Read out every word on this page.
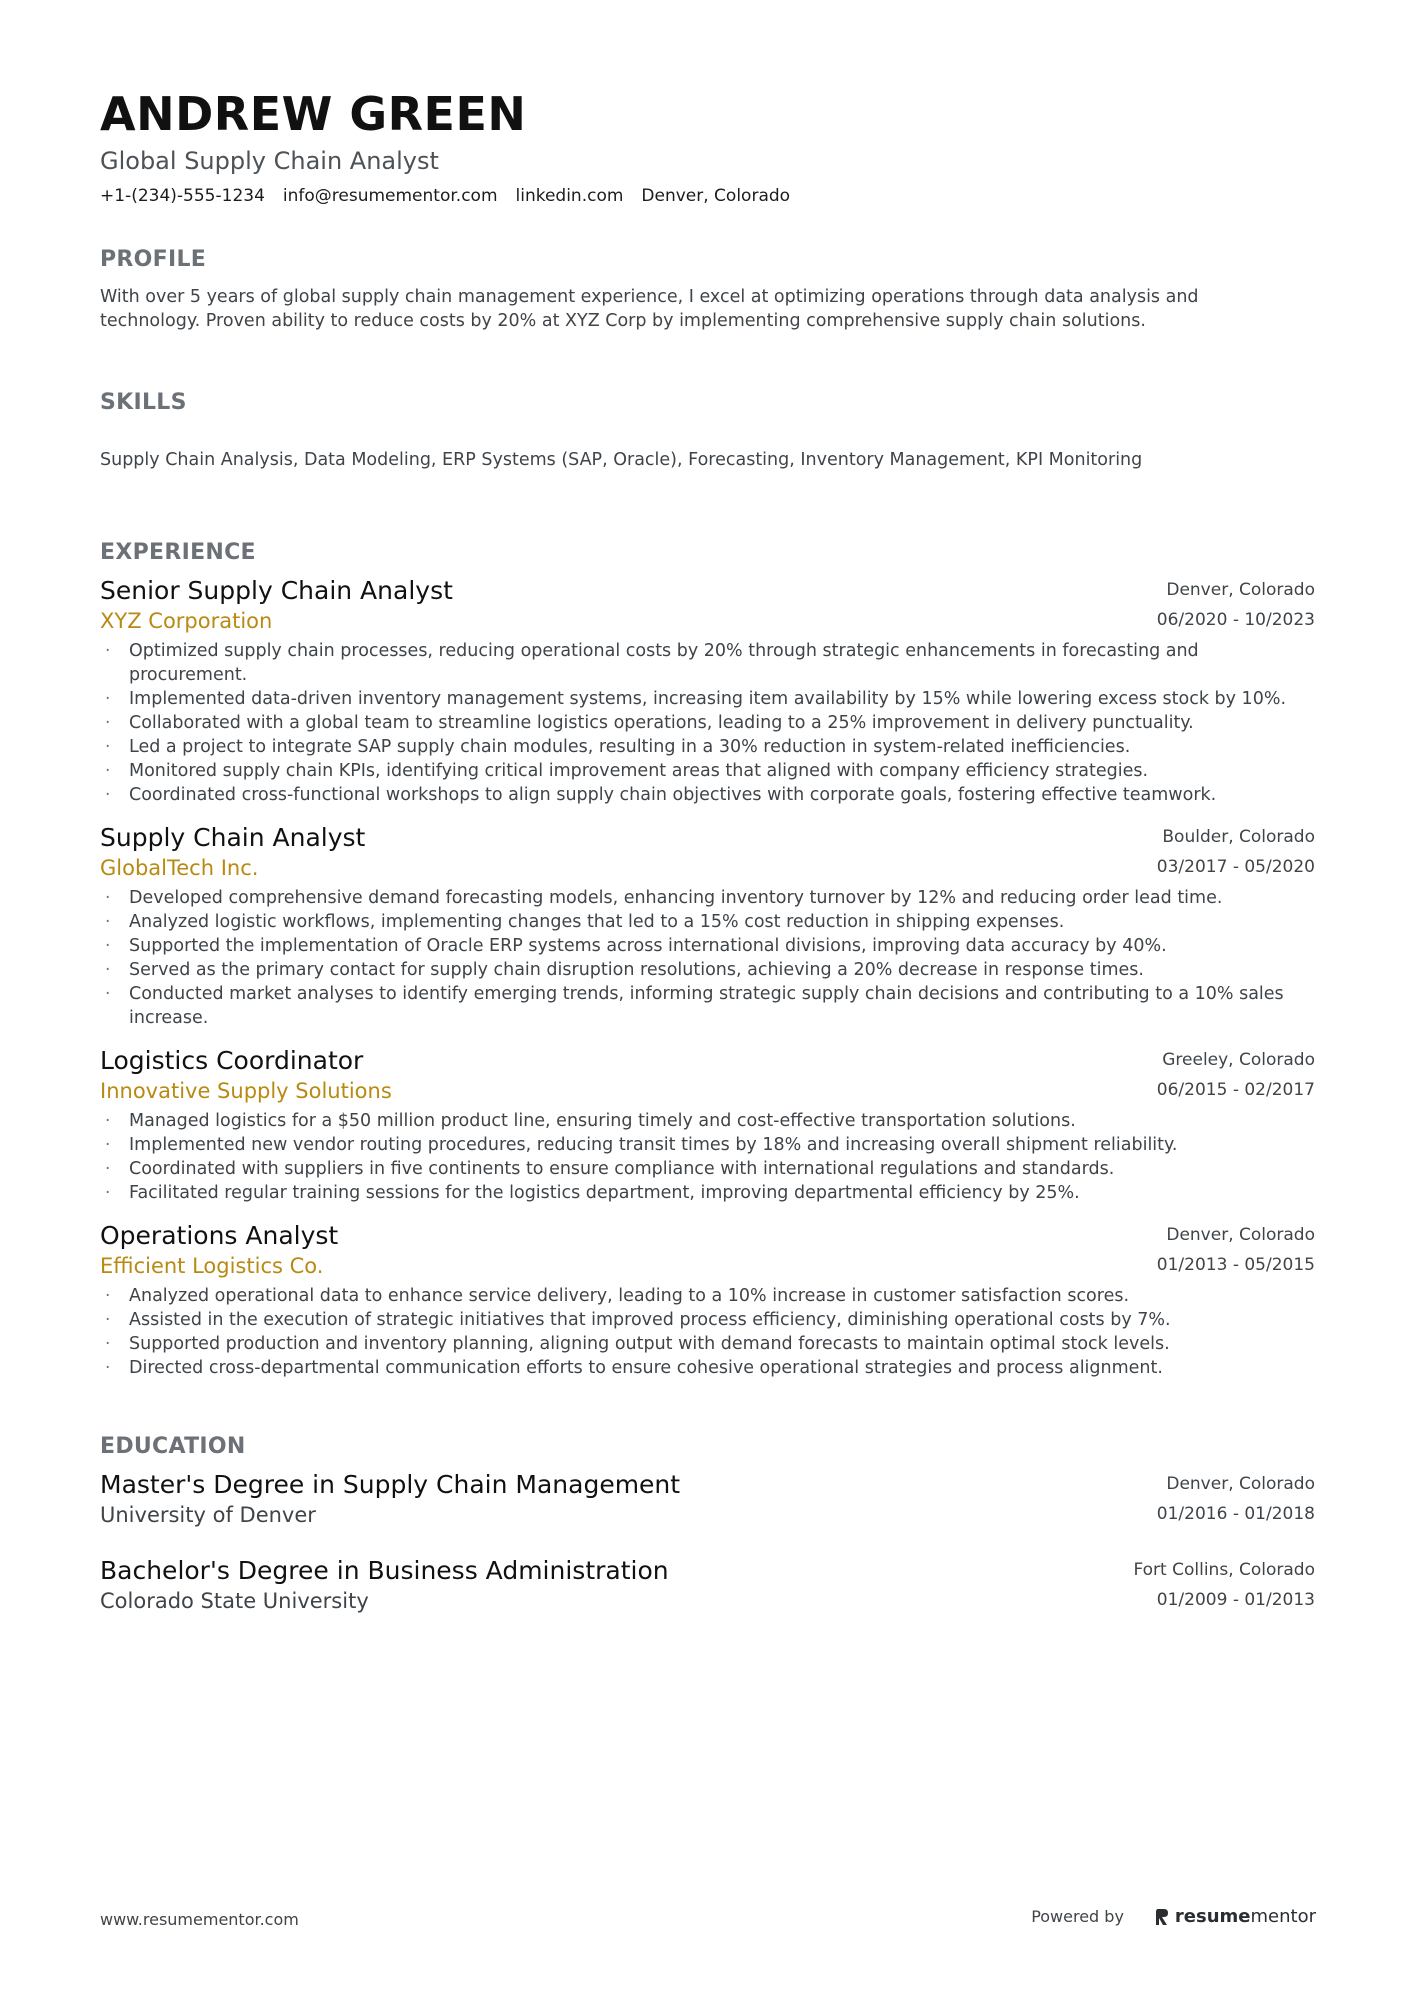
ANDREW GREEN
Global Supply Chain Analyst
+1-(234)-555-1234 info@resumementor.com linkedin.com Denver, Colorado
PROFILE
With over 5 years of global supply chain management experience, I excel at optimizing operations through data analysis and technology. Proven ability to reduce costs by 20% at XYZ Corp by implementing comprehensive supply chain solutions.
SKILLS
Supply Chain Analysis, Data Modeling, ERP Systems (SAP, Oracle), Forecasting, Inventory Management, KPI Monitoring
EXPERIENCE
Senior Supply Chain Analyst
XYZ Corporation
Denver, Colorado
06/2020 - 10/2023
· Optimized supply chain processes, reducing operational costs by 20% through strategic enhancements in forecasting and procurement.
· Implemented data-driven inventory management systems, increasing item availability by 15% while lowering excess stock by 10%.
· Collaborated with a global team to streamline logistics operations, leading to a 25% improvement in delivery punctuality.
· Led a project to integrate SAP supply chain modules, resulting in a 30% reduction in system-related inefficiencies.
· Monitored supply chain KPIs, identifying critical improvement areas that aligned with company efficiency strategies.
· Coordinated cross-functional workshops to align supply chain objectives with corporate goals, fostering effective teamwork.
Supply Chain Analyst
GlobalTech Inc.
Boulder, Colorado
03/2017 - 05/2020
· Developed comprehensive demand forecasting models, enhancing inventory turnover by 12% and reducing order lead time.
· Analyzed logistic workflows, implementing changes that led to a 15% cost reduction in shipping expenses.
· Supported the implementation of Oracle ERP systems across international divisions, improving data accuracy by 40%.
· Served as the primary contact for supply chain disruption resolutions, achieving a 20% decrease in response times.
· Conducted market analyses to identify emerging trends, informing strategic supply chain decisions and contributing to a 10% sales increase.
Logistics Coordinator
Innovative Supply Solutions
Greeley, Colorado
06/2015 - 02/2017
· Managed logistics for a $50 million product line, ensuring timely and cost-effective transportation solutions.
· Implemented new vendor routing procedures, reducing transit times by 18% and increasing overall shipment reliability.
· Coordinated with suppliers in five continents to ensure compliance with international regulations and standards.
· Facilitated regular training sessions for the logistics department, improving departmental efficiency by 25%.
Operations Analyst
Efficient Logistics Co.
Denver, Colorado
01/2013 - 05/2015
· Analyzed operational data to enhance service delivery, leading to a 10% increase in customer satisfaction scores.
· Assisted in the execution of strategic initiatives that improved process efficiency, diminishing operational costs by 7%.
· Supported production and inventory planning, aligning output with demand forecasts to maintain optimal stock levels.
· Directed cross-departmental communication efforts to ensure cohesive operational strategies and process alignment.
EDUCATION
Master's Degree in Supply Chain Management
University of Denver
Denver, Colorado
01/2016 - 01/2018
Bachelor's Degree in Business Administration
Colorado State University
Fort Collins, Colorado
01/2009 - 01/2013
www.resumementor.com	Powered by	resumementor
